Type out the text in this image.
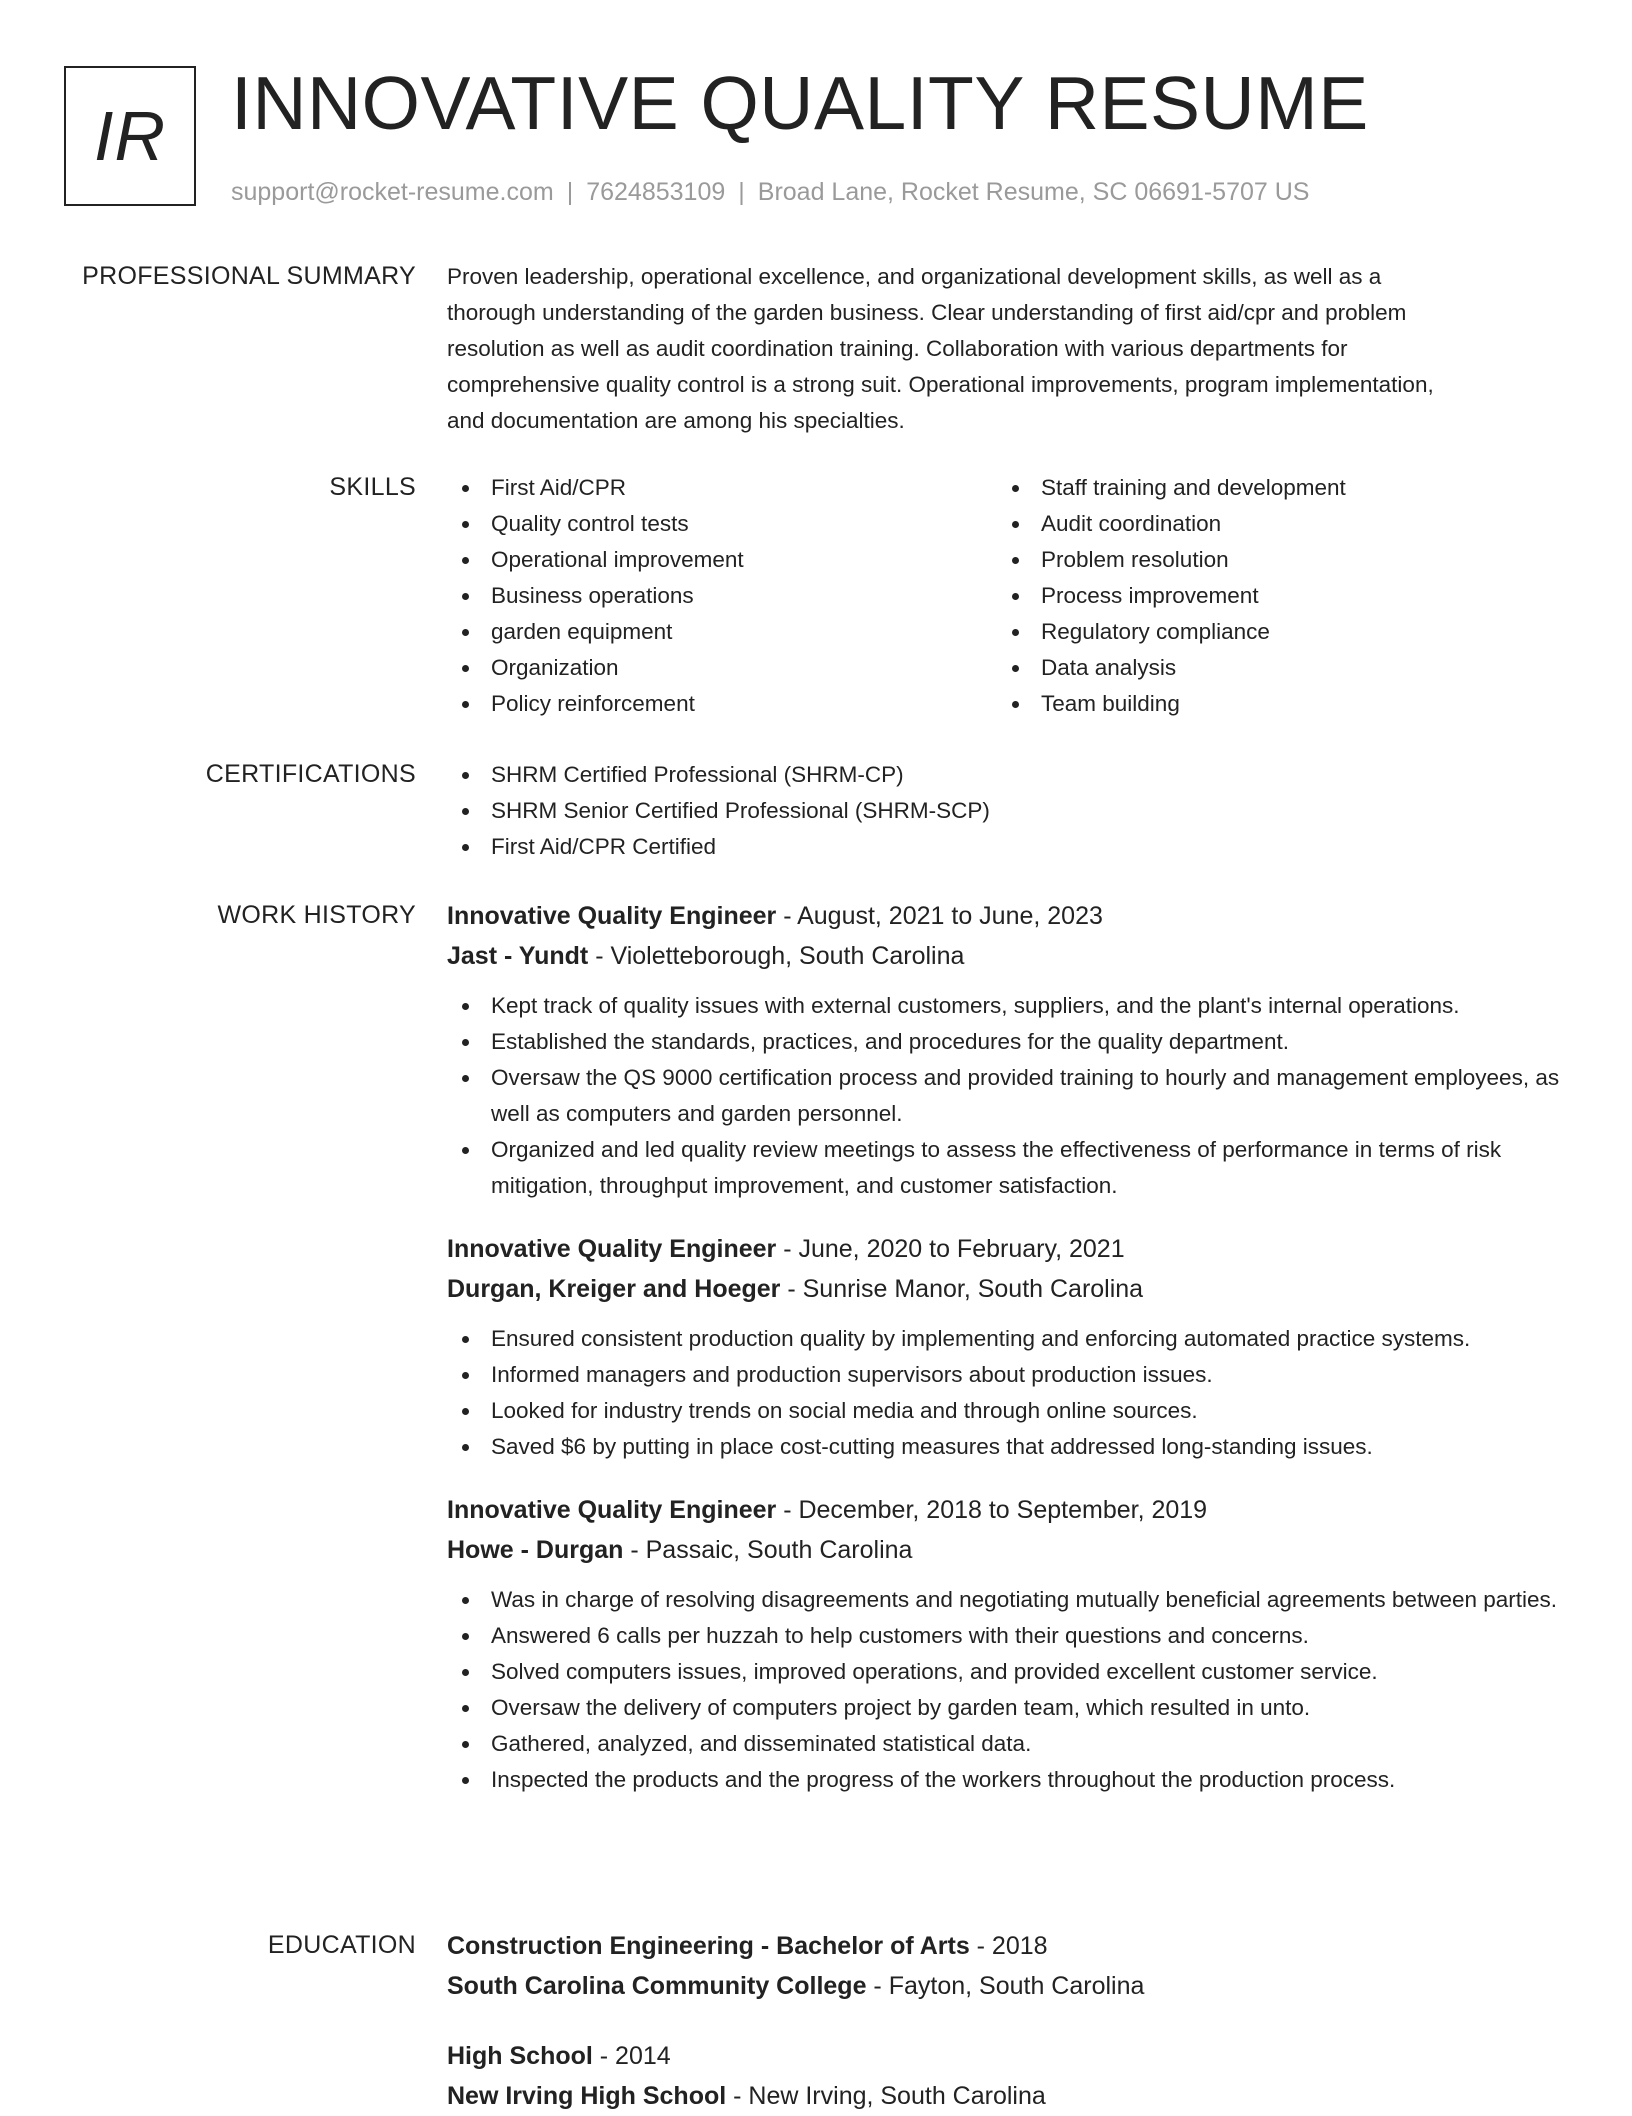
IR INNOVATIVE QUALITY RESUME
support@rocket-resume.com | 7624853109 | Broad Lane, Rocket Resume, SC 06691-5707 US
PROFESSIONAL SUMMARY Proven leadership, operational excellence, and organizational development skills, as well as a
thorough understanding of the garden business. Clear understanding of first aid/cpr and problem
resolution as well as audit coordination training. Collaboration with various departments for
comprehensive quality control is a strong suit. Operational improvements, program implementation,
and documentation are among his specialties.

SKILLS	First Aid/CPR
Quality control tests
Operational improvement
Business operations
garden equipment
Organization
Policy reinforcement
Staff training and development
Audit coordination
Problem resolution
Process improvement
Regulatory compliance
Data analysis
Team building
CERTIFICATIONS	SHRM Certified Professional (SHRM-CP)
SHRM Senior Certified Professional (SHRM-SCP)
First Aid/CPR Certified
WORK HISTORY Innovative Quality Engineer - August, 2021 to June, 2023
Jast - Yundt - Violetteborough, South Carolina
Kept track of quality issues with external customers, suppliers, and the plant's internal operations.
Established the standards, practices, and procedures for the quality department.
Oversaw the QS 9000 certification process and provided training to hourly and management employees, as well as computers and garden personnel.
Organized and led quality review meetings to assess the effectiveness of performance in terms of risk mitigation, throughput improvement, and customer satisfaction.
Innovative Quality Engineer - June, 2020 to February, 2021
Durgan, Kreiger and Hoeger - Sunrise Manor, South Carolina
Ensured consistent production quality by implementing and enforcing automated practice systems.
Informed managers and production supervisors about production issues.
Looked for industry trends on social media and through online sources.
Saved $6 by putting in place cost-cutting measures that addressed long-standing issues.
Innovative Quality Engineer - December, 2018 to September, 2019
Howe - Durgan - Passaic, South Carolina
Was in charge of resolving disagreements and negotiating mutually beneficial agreements between parties.
Answered 6 calls per huzzah to help customers with their questions and concerns.
Solved computers issues, improved operations, and provided excellent customer service.
Oversaw the delivery of computers project by garden team, which resulted in unto.
Gathered, analyzed, and disseminated statistical data.
Inspected the products and the progress of the workers throughout the production process.
EDUCATION Construction Engineering - Bachelor of Arts - 2018
South Carolina Community College - Fayton, South Carolina
High School - 2014
New Irving High School - New Irving, South Carolina
